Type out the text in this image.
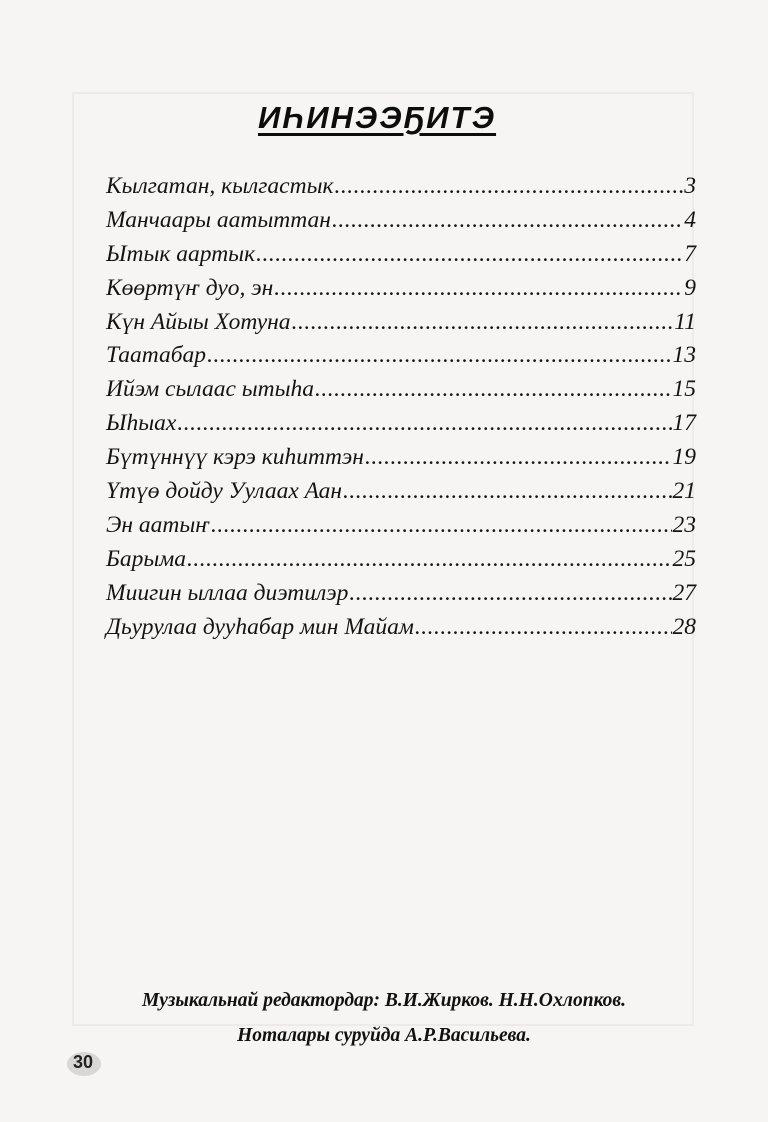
ИҺИНЭЭҔИТЭ
Кылгатан, кылгастык .....	3
Манчаары аатыттан .....	4
Ытык аартык .....	7
Көөртүҥ дуо, эн .....	9
Күн Айыы Хотуна .....	11
Таатабар .....	13
Ийэм сылаас ытыһа .....	15
Ыһыах .....	17
Бүтүннүү кэрэ киһиттэн .....	19
Үтүө дойду Уулаах Аан .....	21
Эн аатыҥ .....	23
Барыма .....	25
Миигин ыллаа диэтилэр .....	27
Дьурулаа дууһабар мин Майам .....	28
Музыкальнай редактордар: В.И.Жирков. Н.Н.Охлопков.
Ноталары суруйда А.Р.Васильева.
30
